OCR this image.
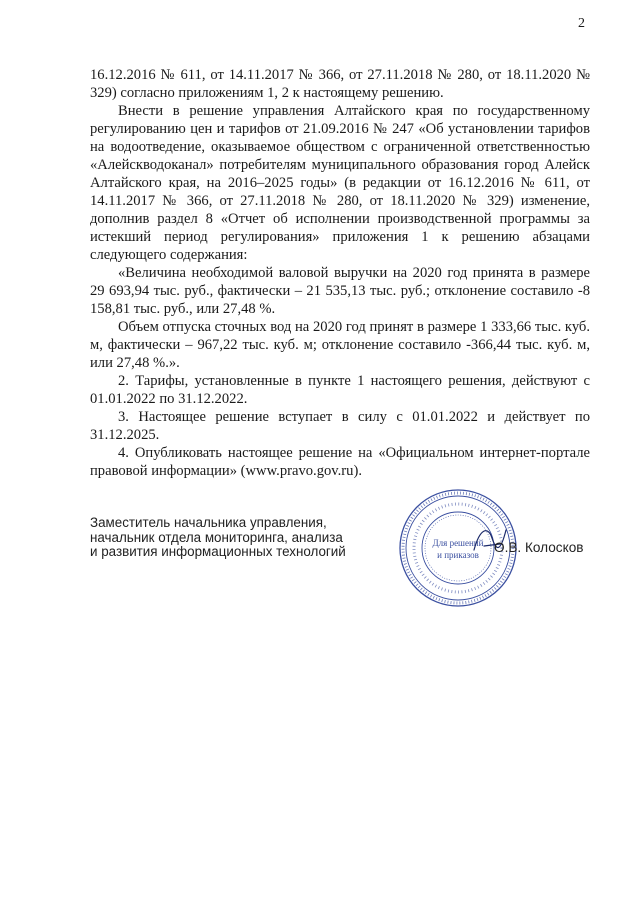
2

16.12.2016 № 611, от 14.11.2017 № 366, от 27.11.2018 № 280, от 18.11.2020 № 329) согласно приложениям 1, 2 к настоящему решению.

Внести в решение управления Алтайского края по государственному регулированию цен и тарифов от 21.09.2016 № 247 «Об установлении тарифов на водоотведение, оказываемое обществом с ограниченной ответственностью «Алейскводоканал» потребителям муниципального образования город Алейск Алтайского края, на 2016–2025 годы» (в редакции от 16.12.2016 № 611, от 14.11.2017 № 366, от 27.11.2018 № 280, от 18.11.2020 № 329) изменение, дополнив раздел 8 «Отчет об исполнении производственной программы за истекший период регулирования» приложения 1 к решению абзацами следующего содержания:

«Величина необходимой валовой выручки на 2020 год принята в размере 29 693,94 тыс. руб., фактически – 21 535,13 тыс. руб.; отклонение составило -8 158,81 тыс. руб., или 27,48 %.

Объем отпуска сточных вод на 2020 год принят в размере 1 333,66 тыс. куб. м, фактически – 967,22 тыс. куб. м; отклонение составило -366,44 тыс. куб. м, или 27,48 %.».

2. Тарифы, установленные в пункте 1 настоящего решения, действуют с 01.01.2022 по 31.12.2022.

3. Настоящее решение вступает в силу с 01.01.2022 и действует по 31.12.2025.

4. Опубликовать настоящее решение на «Официальном интернет-портале правовой информации» (www.pravo.gov.ru).

Заместитель начальника управления,
начальник отдела мониторинга, анализа
и развития информационных технологий
Для решений
и приказов О.В. Колосков
